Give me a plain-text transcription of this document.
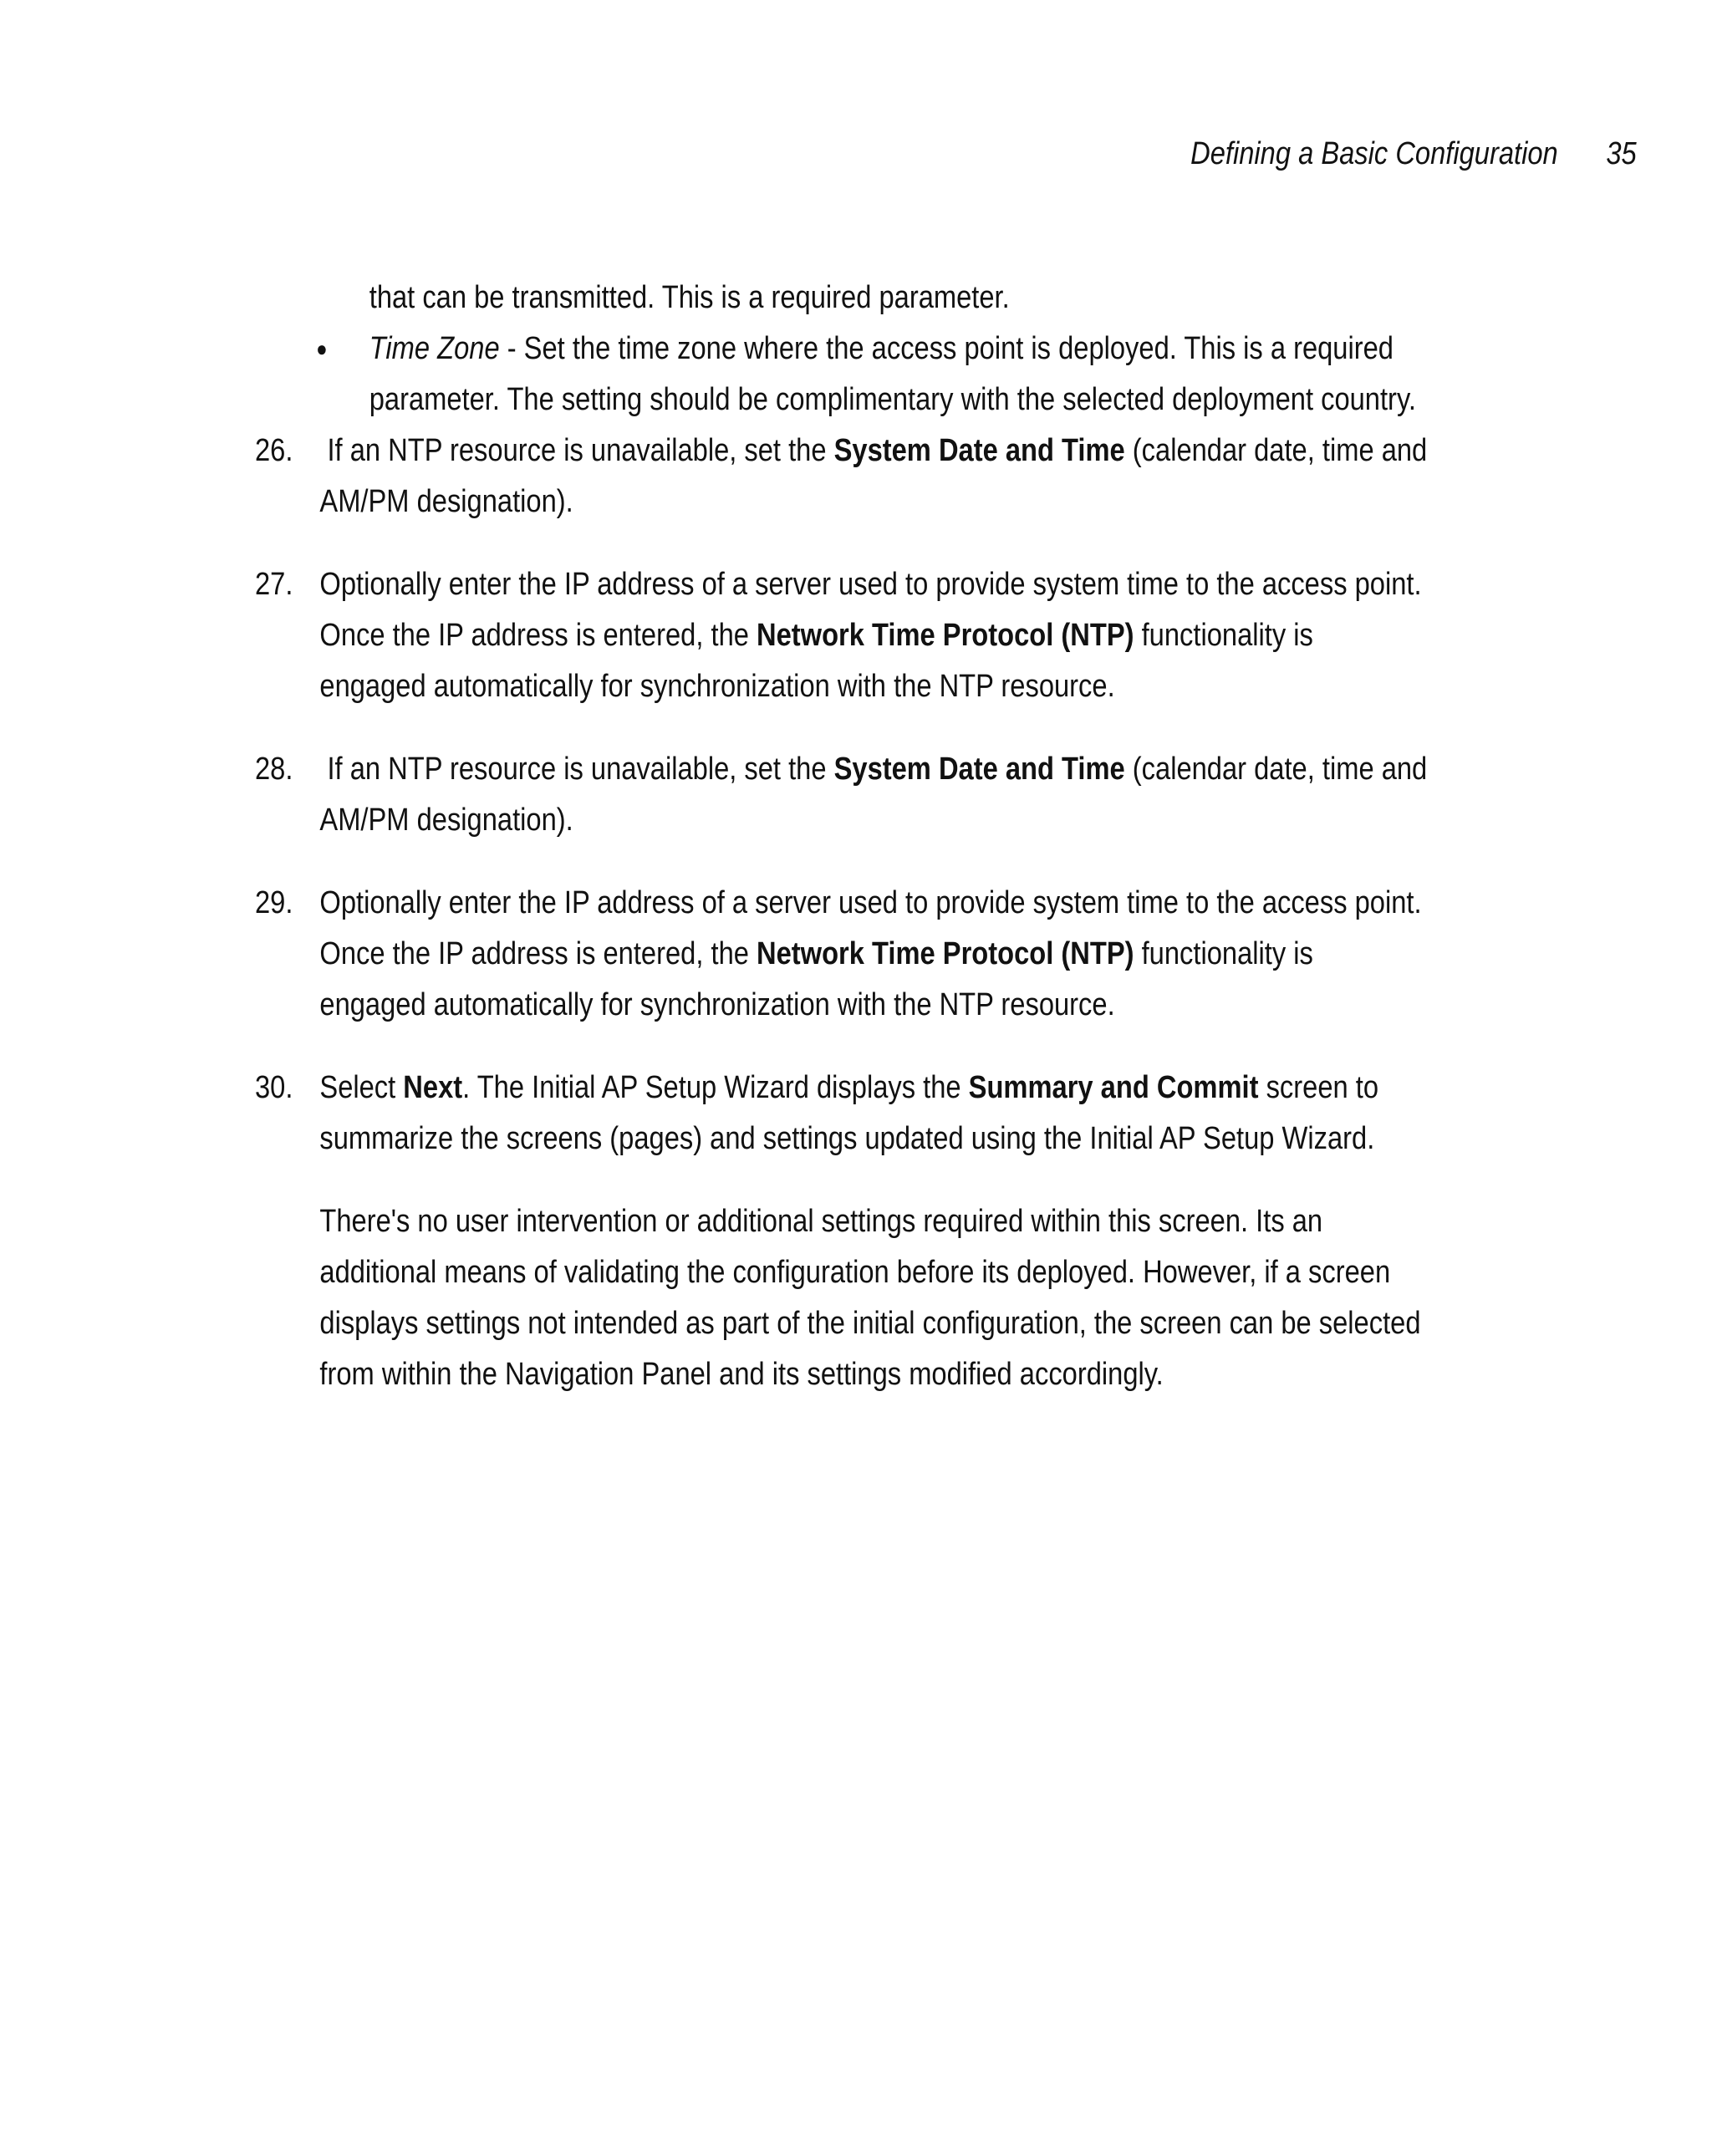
Defining a Basic Configuration 35

that can be transmitted. This is a required parameter.
● Time Zone - Set the time zone where the access point is deployed. This is a required
parameter. The setting should be complimentary with the selected deployment country.
26. If an NTP resource is unavailable, set the System Date and Time (calendar date, time and
AM/PM designation).
27. Optionally enter the IP address of a server used to provide system time to the access point.
Once the IP address is entered, the Network Time Protocol (NTP) functionality is
engaged automatically for synchronization with the NTP resource.
28. If an NTP resource is unavailable, set the System Date and Time (calendar date, time and
AM/PM designation).
29. Optionally enter the IP address of a server used to provide system time to the access point.
Once the IP address is entered, the Network Time Protocol (NTP) functionality is
engaged automatically for synchronization with the NTP resource.
30. Select Next. The Initial AP Setup Wizard displays the Summary and Commit screen to
summarize the screens (pages) and settings updated using the Initial AP Setup Wizard.
There's no user intervention or additional settings required within this screen. Its an
additional means of validating the configuration before its deployed. However, if a screen
displays settings not intended as part of the initial configuration, the screen can be selected
from within the Navigation Panel and its settings modified accordingly.
